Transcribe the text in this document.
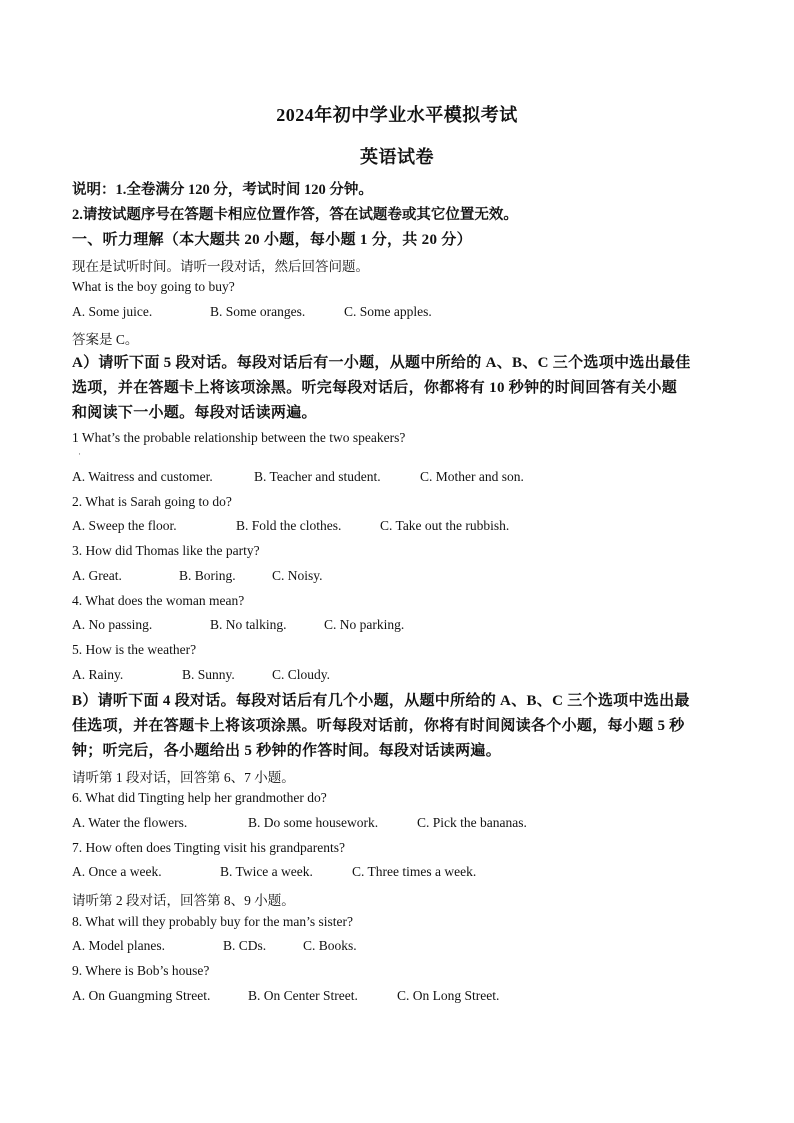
2024年初中学业水平模拟考试
英语试卷
说明：1.全卷满分 120 分，考试时间 120 分钟。
2.请按试题序号在答题卡相应位置作答，答在试题卷或其它位置无效。
一、听力理解（本大题共 20 小题，每小题 1 分，共 20 分）
现在是试听时间。请听一段对话，然后回答问题。
What is the boy going to buy?
A. Some juice.	B. Some oranges.	C. Some apples.
答案是 C。
A）请听下面 5 段对话。每段对话后有一小题，从题中所给的 A、B、C 三个选项中选出最佳
选项，并在答题卡上将该项涂黑。听完每段对话后，你都将有 10 秒钟的时间回答有关小题
和阅读下一小题。每段对话读两遍。
1 What’s the probable relationship between the two speakers?
·
A. Waitress and customer.	B. Teacher and student.	C. Mother and son.
2. What is Sarah going to do?
A. Sweep the floor.	B. Fold the clothes.	C. Take out the rubbish.
3. How did Thomas like the party?
A. Great.	B. Boring.	C. Noisy.
4. What does the woman mean?
A. No passing.	B. No talking.	C. No parking.
5. How is the weather?
A. Rainy.	B. Sunny.	C. Cloudy.
B）请听下面 4 段对话。每段对话后有几个小题，从题中所给的 A、B、C 三个选项中选出最
佳选项，并在答题卡上将该项涂黑。听每段对话前，你将有时间阅读各个小题，每小题 5 秒
钟；听完后，各小题给出 5 秒钟的作答时间。每段对话读两遍。
请听第 1 段对话，回答第 6、7 小题。
6. What did Tingting help her grandmother do?
A. Water the flowers.	B. Do some housework.	C. Pick the bananas.
7. How often does Tingting visit his grandparents?
A. Once a week.	B. Twice a week.	C. Three times a week.
请听第 2 段对话，回答第 8、9 小题。
8. What will they probably buy for the man’s sister?
A. Model planes.	B. CDs.	C. Books.
9. Where is Bob’s house?
A. On Guangming Street.	B. On Center Street.	C. On Long Street.
